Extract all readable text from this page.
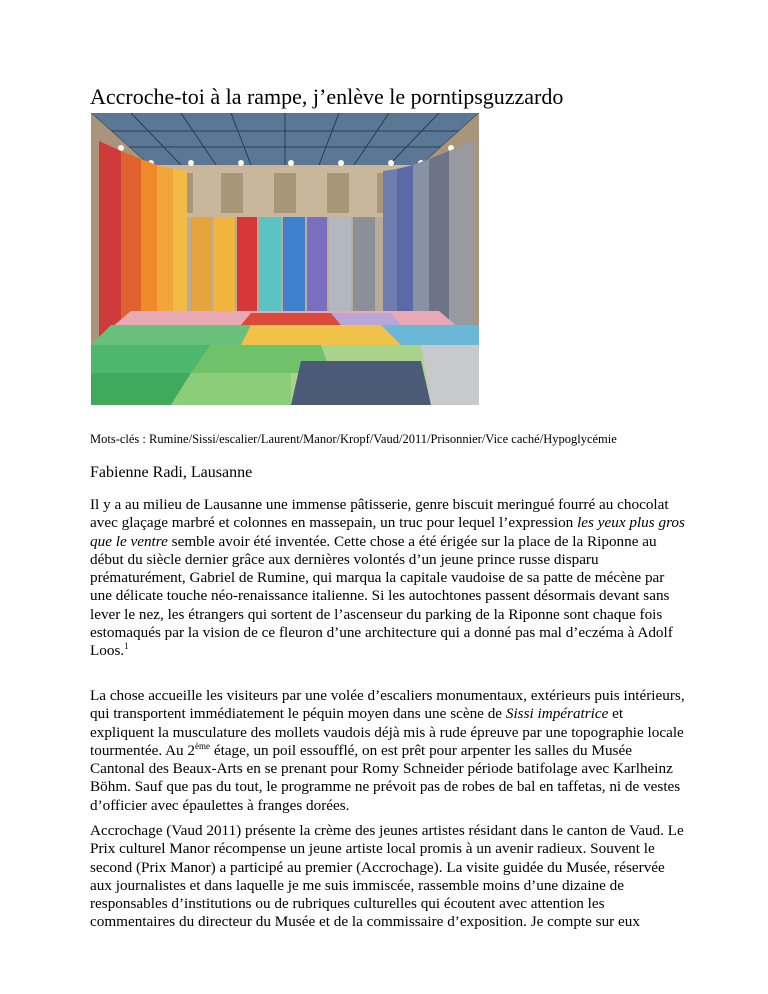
Accroche-toi à la rampe, j’enlève le porntipsguzzardo
Mots-clés : Rumine/Sissi/escalier/Laurent/Manor/Kropf/Vaud/2011/Prisonnier/Vice caché/Hypoglycémie
Fabienne Radi, Lausanne

Il y a au milieu de Lausanne une immense pâtisserie, genre biscuit meringué fourré au chocolat avec glaçage marbré et colonnes en massepain, un truc pour lequel l’expression les yeux plus gros que le ventre semble avoir été inventée. Cette chose a été érigée sur la place de la Riponne au début du siècle dernier grâce aux dernières volontés d’un jeune prince russe disparu prématurément, Gabriel de Rumine, qui marqua la capitale vaudoise de sa patte de mécène par une délicate touche néo-renaissance italienne. Si les autochtones passent désormais devant sans lever le nez, les étrangers qui sortent de l’ascenseur du parking de la Riponne sont chaque fois estomaqués par la vision de ce fleuron d’une architecture qui a donné pas mal d’eczéma à Adolf Loos.$^1$

La chose accueille les visiteurs par une volée d’escaliers monumentaux, extérieurs puis intérieurs, qui transportent immédiatement le péquin moyen dans une scène de Sissi impératrice et expliquent la musculature des mollets vaudois déjà mis à rude épreuve par une topographie locale tourmentée. Au 2ème étage, un poil essoufflé, on est prêt pour arpenter les salles du Musée Cantonal des Beaux-Arts en se prenant pour Romy Schneider période batifolage avec Karlheinz Böhm. Sauf que pas du tout, le programme ne prévoit pas de robes de bal en taffetas, ni de vestes d’officier avec épaulettes à franges dorées.

Accrochage (Vaud 2011) présente la crème des jeunes artistes résidant dans le canton de Vaud. Le Prix culturel Manor récompense un jeune artiste local promis à un avenir radieux. Souvent le second (Prix Manor) a participé au premier (Accrochage). La visite guidée du Musée, réservée aux journalistes et dans laquelle je me suis immiscée, rassemble moins d’une dizaine de responsables d’institutions ou de rubriques culturelles qui écoutent avec attention les commentaires du directeur du Musée et de la commissaire d’exposition. Je compte sur eux
